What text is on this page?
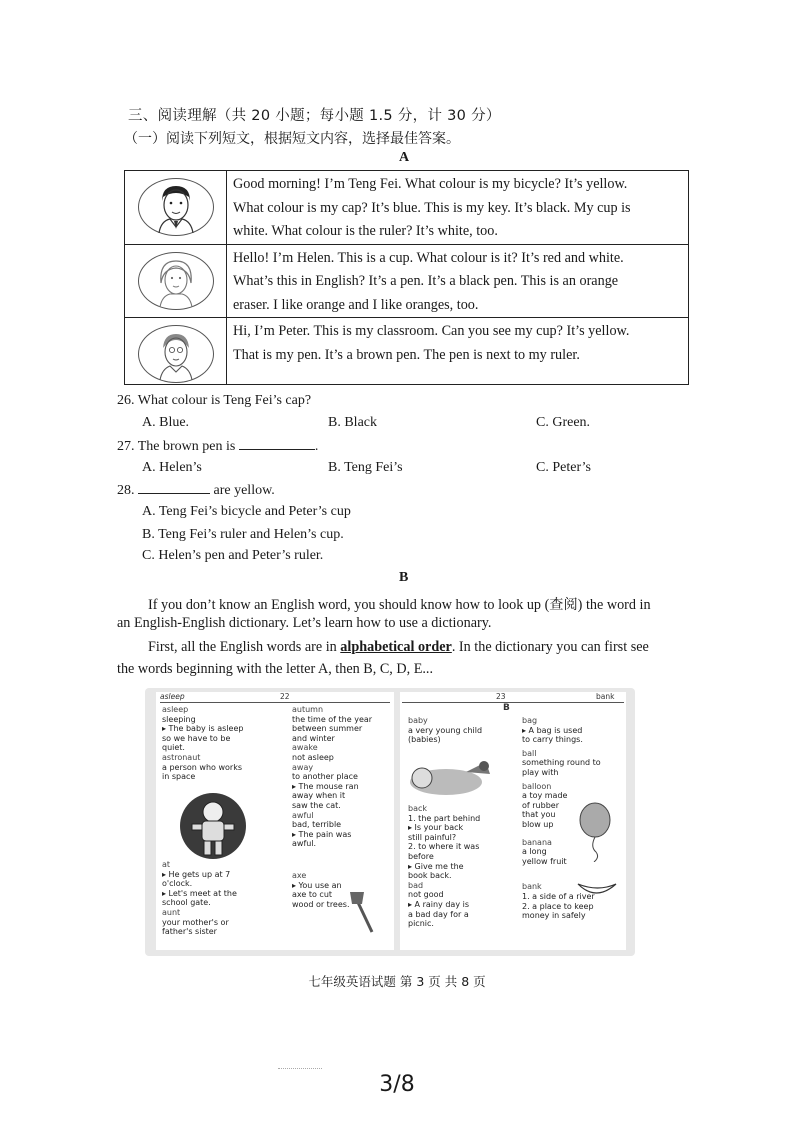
三、阅读理解（共 20 小题；每小题 1.5 分，计 30 分）
（一）阅读下列短文，根据短文内容，选择最佳答案。
A

Good morning! I’m Teng Fei. What colour is my bicycle? It’s yellow.
What colour is my cap? It’s blue. This is my key. It’s black. My cup is
white. What colour is the ruler? It’s white, too.

Hello! I’m Helen. This is a cup. What colour is it? It’s red and white.
What’s this in English? It’s a pen. It’s a black pen. This is an orange
eraser. I like orange and I like oranges, too.

Hi, I’m Peter. This is my classroom. Can you see my cup? It’s yellow.
That is my pen. It’s a brown pen. The pen is next to my ruler.
26. What colour is Teng Fei’s cap?
A. Blue.	B. Black	C. Green.
27. The brown pen is	.
A. Helen’s	B. Teng Fei’s	C. Peter’s
28.	are yellow.
A. Teng Fei’s bicycle and Peter’s cup
B. Teng Fei’s ruler and Helen’s cup.
C. Helen’s pen and Peter’s ruler.
B
If you don’t know an English word, you should know how to look up (查阅) the word in
an English-English dictionary. Let’s learn how to use a dictionary.
First, all the English words are in alphabetical order. In the dictionary you can first see
the words beginning with the letter A, then B, C, D, E...
asleep	22
asleep
sleeping
▸ The baby is asleep
so we have to be
quiet.
astronaut
a person who works
in space
at
▸ He gets up at 7
o'clock.
▸ Let's meet at the
school gate.
aunt
your mother's or
father's sister
autumn
the time of the year
between summer
and winter
awake
not asleep
away
to another place
▸ The mouse ran
away when it
saw the cat.
awful
bad, terrible
▸ The pain was
awful.
axe
▸ You use an
axe to cut
wood or trees.
23	bank
B
baby
a very young child
(babies)
back
1. the part behind
▸ Is your back
still painful?
2. to where it was
before
▸ Give me the
book back.
bad
not good
▸ A rainy day is
a bad day for a
picnic.
bag
▸ A bag is used
to carry things.
ball
something round to
play with
balloon
a toy made
of rubber
that you
blow up
banana
a long
yellow fruit
bank
1. a side of a river
2. a place to keep
money in safely
七年级英语试题 第 3 页 共 8 页
3/8
